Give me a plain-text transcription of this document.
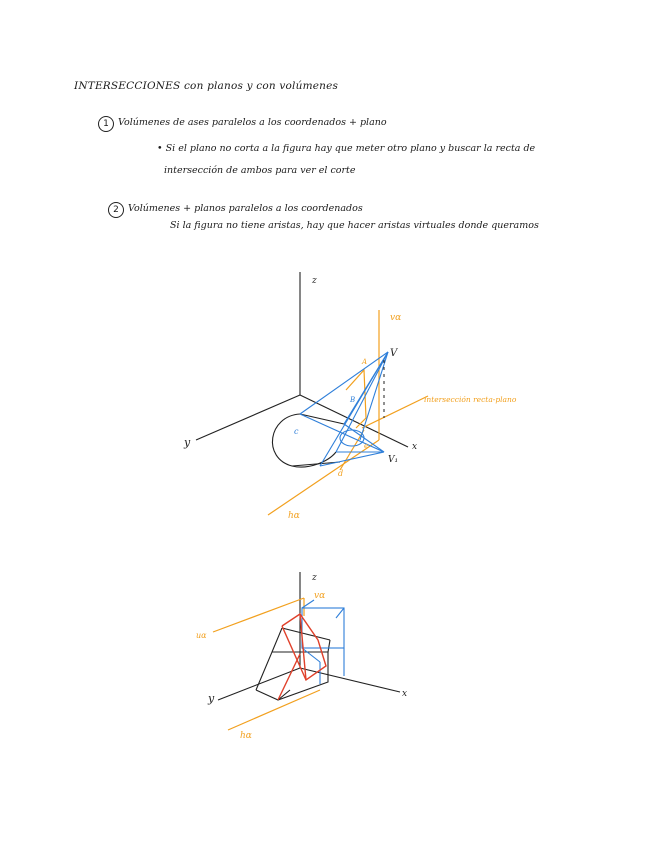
INTERSECCIONES con planos y con volúmenes
1 Volúmenes de ases paralelos a los coordenados + plano
• Si el plano no corta a la figura hay que meter otro plano y buscar la recta de
intersección de ambos para ver el corte
2 Volúmenes + planos paralelos a los coordenados
Si la figura no tiene aristas, hay que hacer aristas virtuales donde queramos
z
y	x
vα
hα
V
V₁
intersección recta-plano
A
B
c
d
e
z
y	x
vα
hα
uα
